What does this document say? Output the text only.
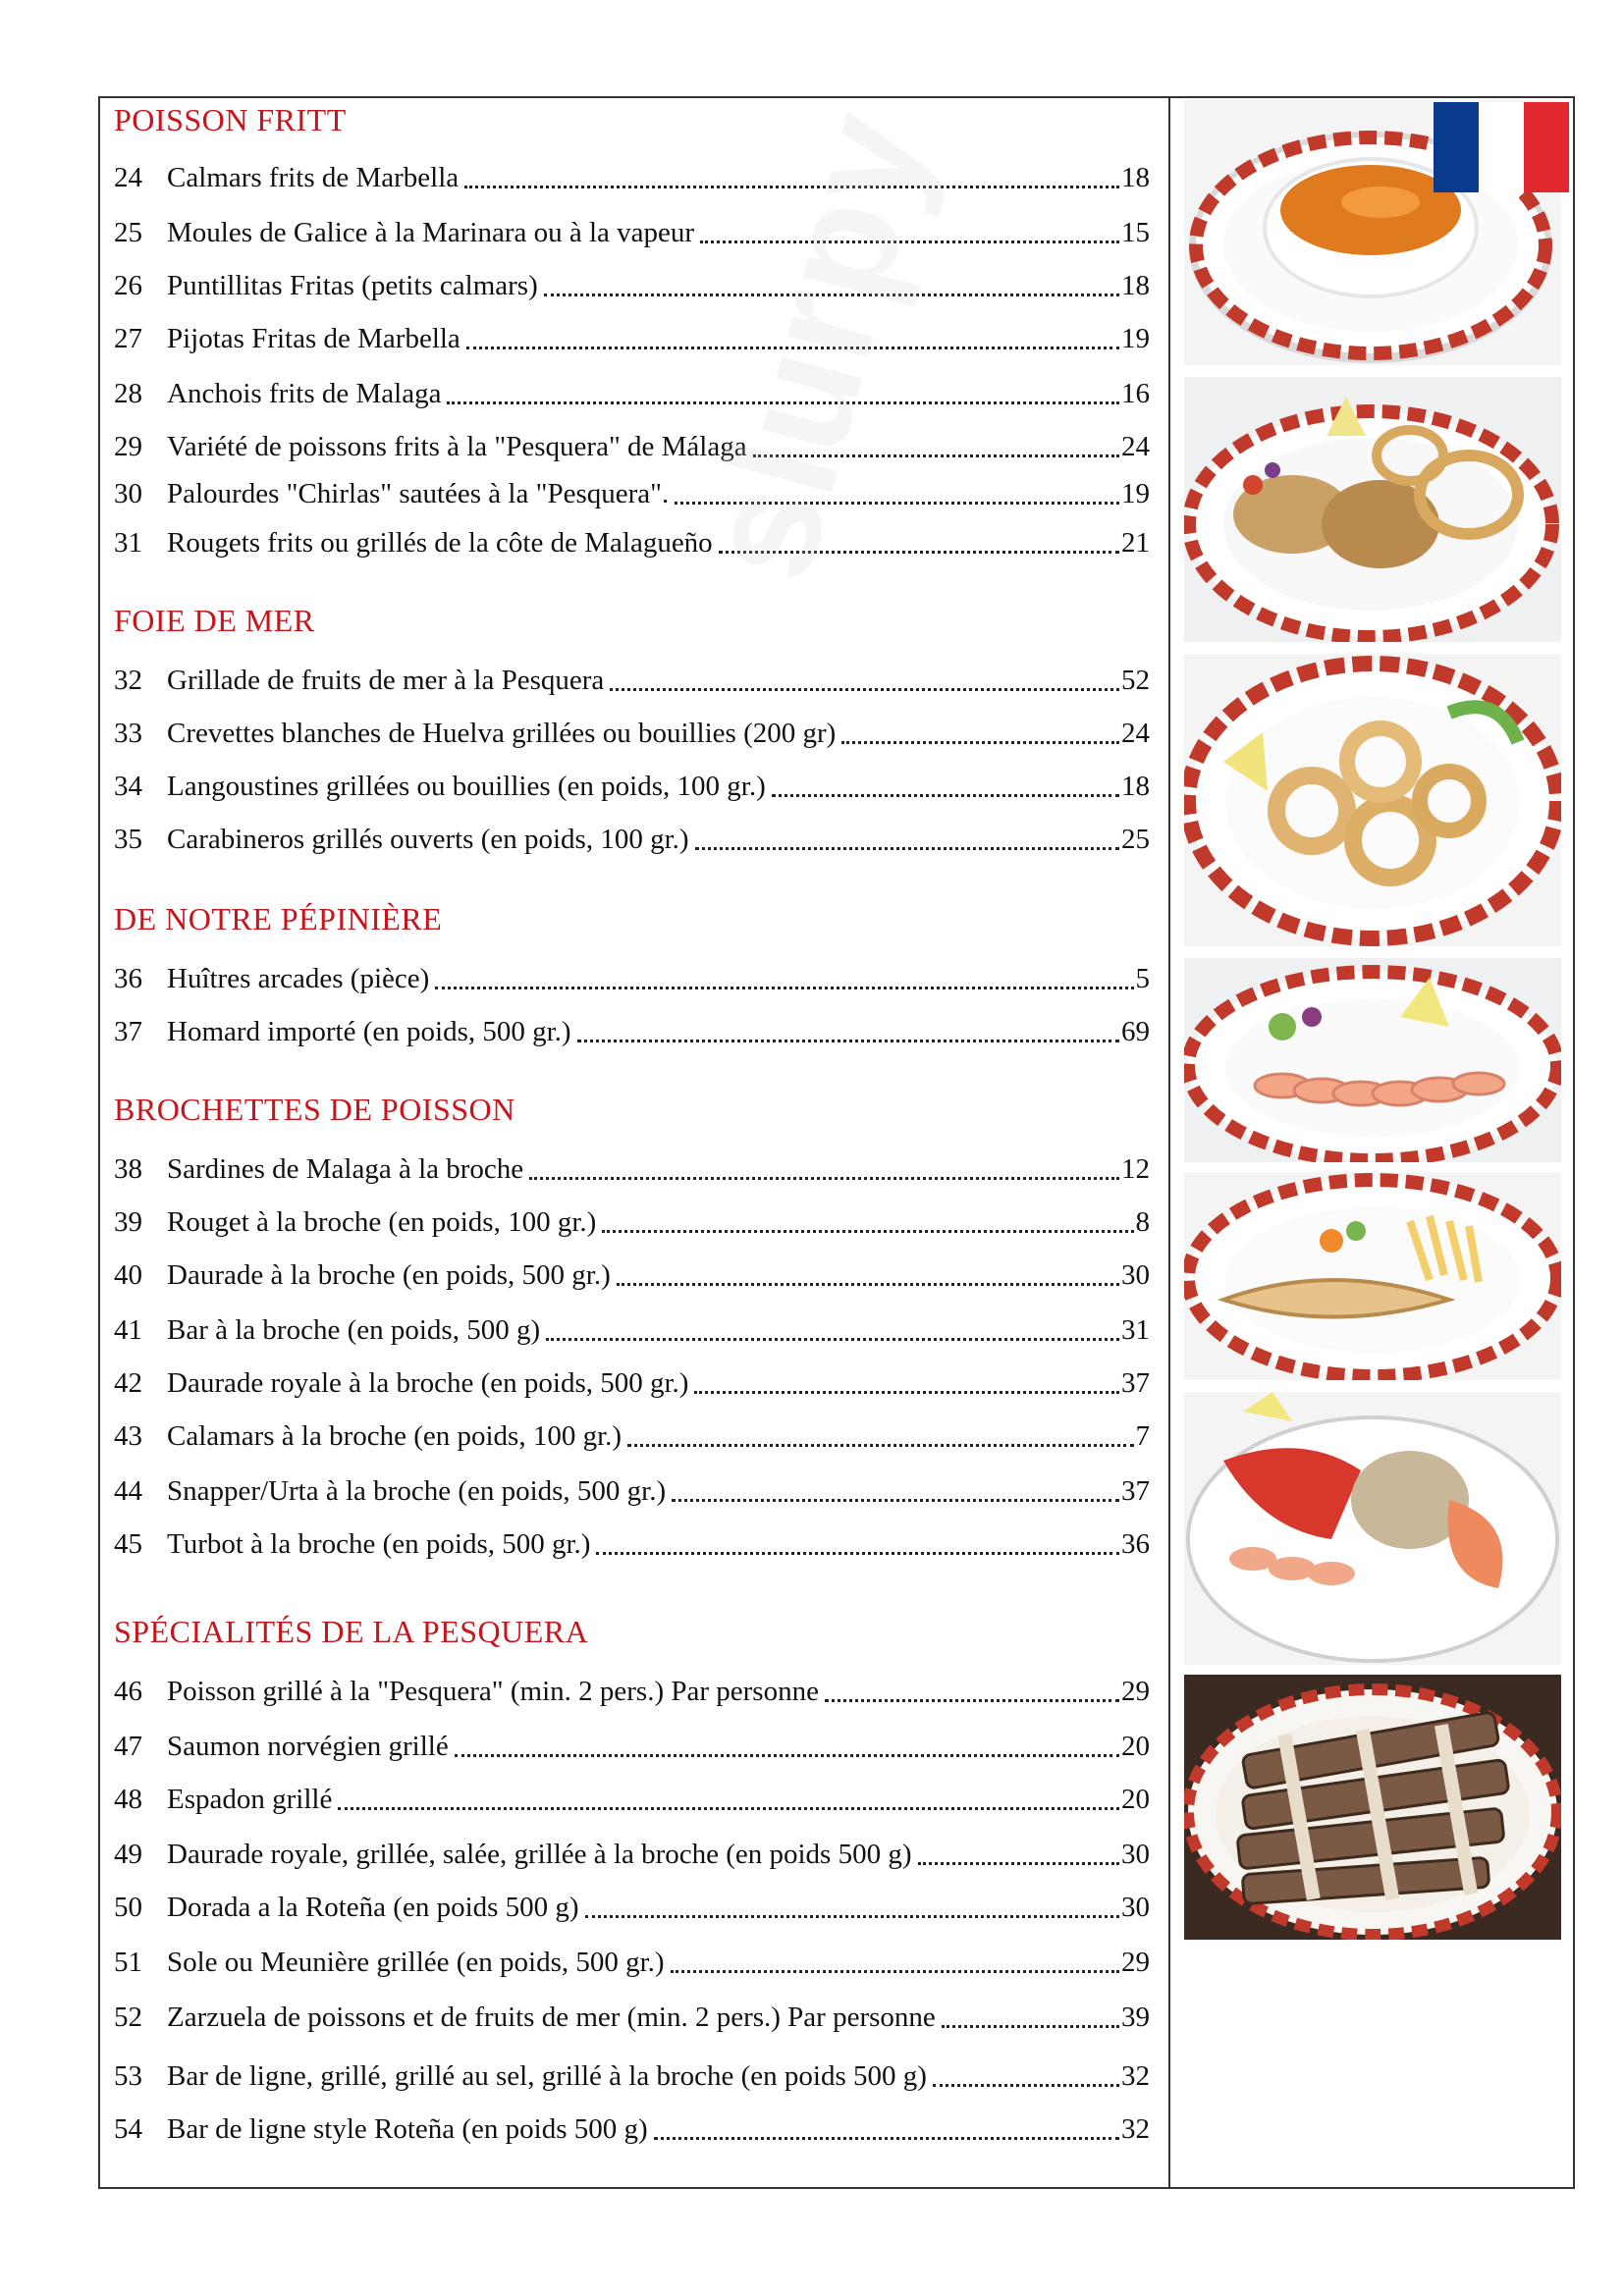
POISSON FRITT
24 Calmars frits de Marbella	18
25 Moules de Galice à la Marinara ou à la vapeur	15
26 Puntillitas Fritas (petits calmars)	18
27 Pijotas Fritas de Marbella	19
28 Anchois frits de Malaga	16
29 Variété de poissons frits à la "Pesquera" de Málaga	24
30 Palourdes "Chirlas" sautées à la "Pesquera".	19
31 Rougets frits ou grillés de la côte de Malagueño	21
FOIE DE MER
32 Grillade de fruits de mer à la Pesquera	52
33 Crevettes blanches de Huelva grillées ou bouillies (200 gr)	24
34 Langoustines grillées ou bouillies (en poids, 100 gr.)	18
35 Carabineros grillés ouverts (en poids, 100 gr.)	25
DE NOTRE PÉPINIÈRE
36 Huîtres arcades (pièce)	5
37 Homard importé (en poids, 500 gr.)	69
BROCHETTES DE POISSON
38 Sardines de Malaga à la broche	12
39 Rouget à la broche (en poids, 100 gr.)	8
40 Daurade à la broche (en poids, 500 gr.)	30
41 Bar à la broche (en poids, 500 g)	31
42 Daurade royale à la broche (en poids, 500 gr.)	37
43 Calamars à la broche (en poids, 100 gr.)	7
44 Snapper/Urta à la broche (en poids, 500 gr.)	37
45 Turbot à la broche (en poids, 500 gr.)	36
SPÉCIALITÉS DE LA PESQUERA
46 Poisson grillé à la "Pesquera" (min. 2 pers.) Par personne	29
47 Saumon norvégien grillé	20
48 Espadon grillé	20
49 Daurade royale, grillée, salée, grillée à la broche (en poids 500 g)	30
50 Dorada a la Roteña (en poids 500 g)	30
51 Sole ou Meunière grillée (en poids, 500 gr.)	29
52 Zarzuela de poissons et de fruits de mer (min. 2 pers.) Par personne	39
53 Bar de ligne, grillé, grillé au sel, grillé à la broche (en poids 500 g)	32
54 Bar de ligne style Roteña (en poids 500 g)	32
slurpy
